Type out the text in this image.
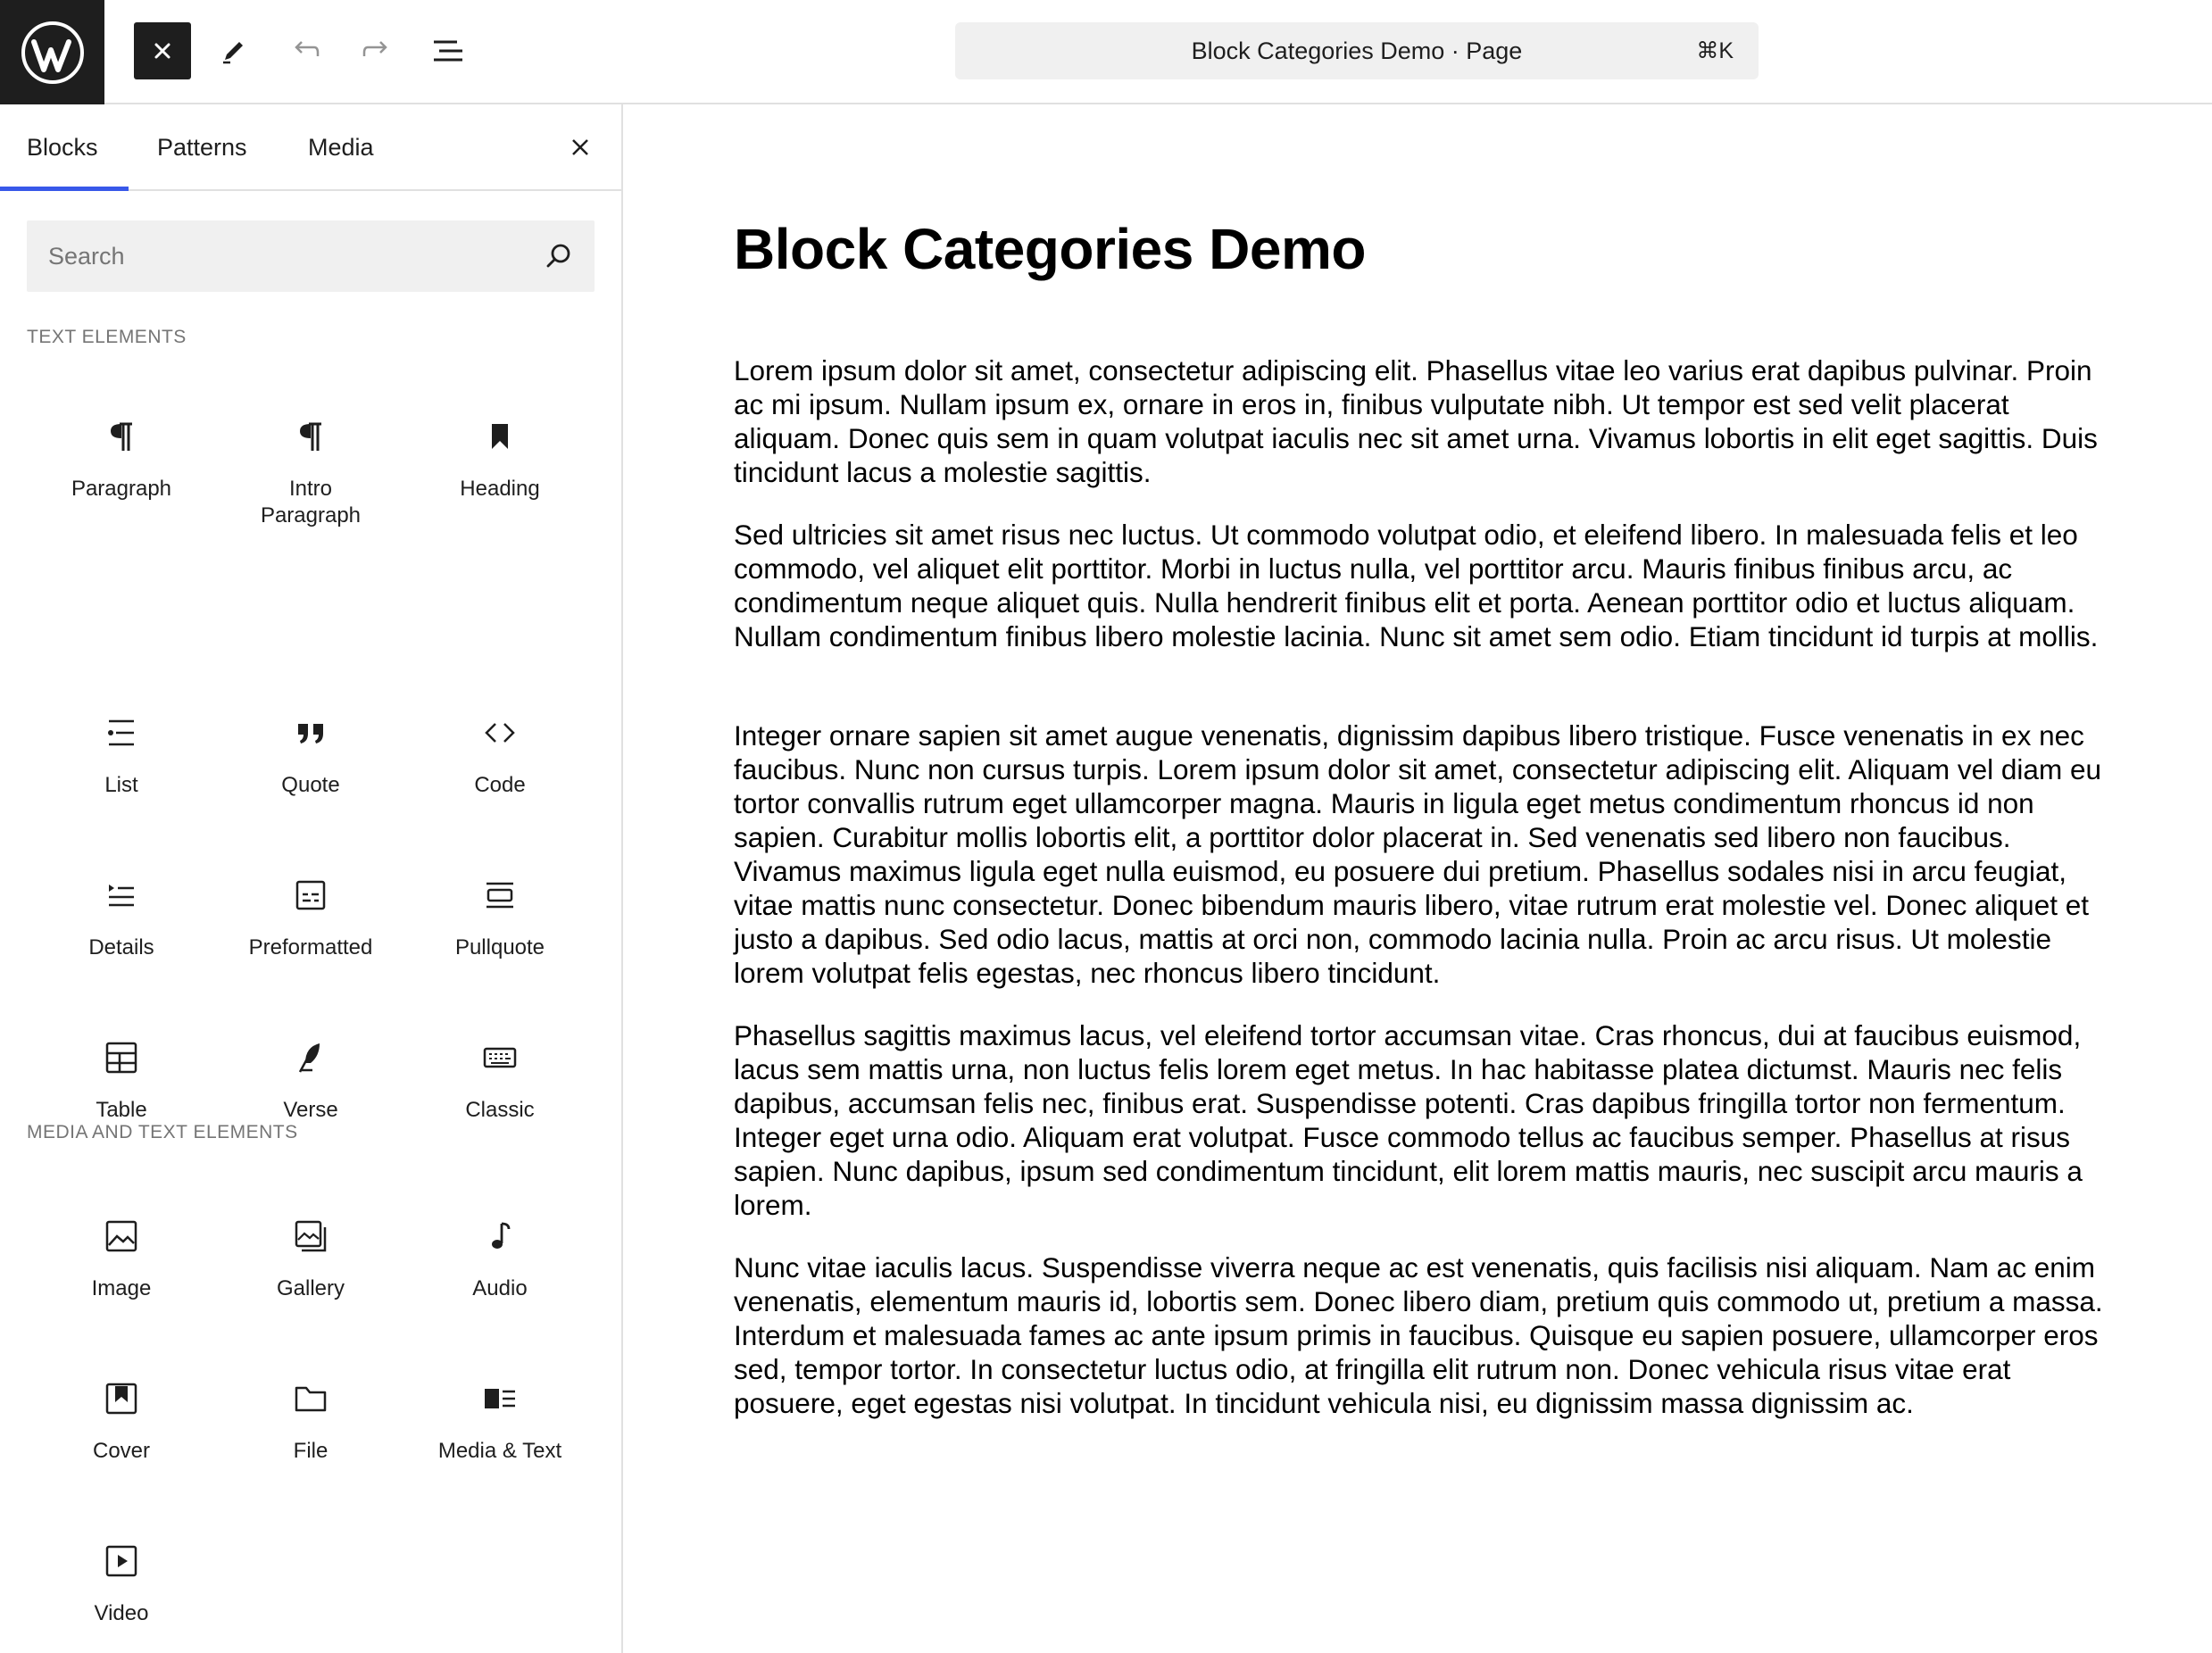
Block Categories Demo · Page	⌘K
Blocks Patterns	Media
Search
TEXT ELEMENTS
Paragraph	Intro
Paragraph
Heading
List	Quote	Code
Details	Preformatted	Pullquote
Table	Verse	Classic
MEDIA AND TEXT ELEMENTS
Image	Gallery	Audio
Cover	File	Media & Text
Video
Block Categories Demo

Lorem ipsum dolor sit amet, consectetur adipiscing elit. Phasellus vitae leo varius erat dapibus pulvinar. Proin ac mi ipsum. Nullam ipsum ex, ornare in eros in, finibus vulputate nibh. Ut tempor est sed velit placerat aliquam. Donec quis sem in quam volutpat iaculis nec sit amet urna. Vivamus lobortis in elit eget sagittis. Duis tincidunt lacus a molestie sagittis.

Sed ultricies sit amet risus nec luctus. Ut commodo volutpat odio, et eleifend libero. In malesuada felis et leo commodo, vel aliquet elit porttitor. Morbi in luctus nulla, vel porttitor arcu. Mauris finibus finibus arcu, ac condimentum neque aliquet quis. Nulla hendrerit finibus elit et porta. Aenean porttitor odio et luctus aliquam. Nullam condimentum finibus libero molestie lacinia. Nunc sit amet sem odio. Etiam tincidunt id turpis at mollis.

Integer ornare sapien sit amet augue venenatis, dignissim dapibus libero tristique. Fusce venenatis in ex nec faucibus. Nunc non cursus turpis. Lorem ipsum dolor sit amet, consectetur adipiscing elit. Aliquam vel diam eu tortor convallis rutrum eget ullamcorper magna. Mauris in ligula eget metus condimentum rhoncus id non sapien. Curabitur mollis lobortis elit, a porttitor dolor placerat in. Sed venenatis sed libero non faucibus. Vivamus maximus ligula eget nulla euismod, eu posuere dui pretium. Phasellus sodales nisi in arcu feugiat, vitae mattis nunc consectetur. Donec bibendum mauris libero, vitae rutrum erat molestie vel. Donec aliquet et justo a dapibus. Sed odio lacus, mattis at orci non, commodo lacinia nulla. Proin ac arcu risus. Ut molestie lorem volutpat felis egestas, nec rhoncus libero tincidunt.

Phasellus sagittis maximus lacus, vel eleifend tortor accumsan vitae. Cras rhoncus, dui at faucibus euismod, lacus sem mattis urna, non luctus felis lorem eget metus. In hac habitasse platea dictumst. Mauris nec felis dapibus, accumsan felis nec, finibus erat. Suspendisse potenti. Cras dapibus fringilla tortor non fermentum. Integer eget urna odio. Aliquam erat volutpat. Fusce commodo tellus ac faucibus semper. Phasellus at risus sapien. Nunc dapibus, ipsum sed condimentum tincidunt, elit lorem mattis mauris, nec suscipit arcu mauris a lorem.

Nunc vitae iaculis lacus. Suspendisse viverra neque ac est venenatis, quis facilisis nisi aliquam. Nam ac enim venenatis, elementum mauris id, lobortis sem. Donec libero diam, pretium quis commodo ut, pretium a massa. Interdum et malesuada fames ac ante ipsum primis in faucibus. Quisque eu sapien posuere, ullamcorper eros sed, tempor tortor. In consectetur luctus odio, at fringilla elit rutrum non. Donec vehicula risus vitae erat posuere, eget egestas nisi volutpat. In tincidunt vehicula nisi, eu dignissim massa dignissim ac.
